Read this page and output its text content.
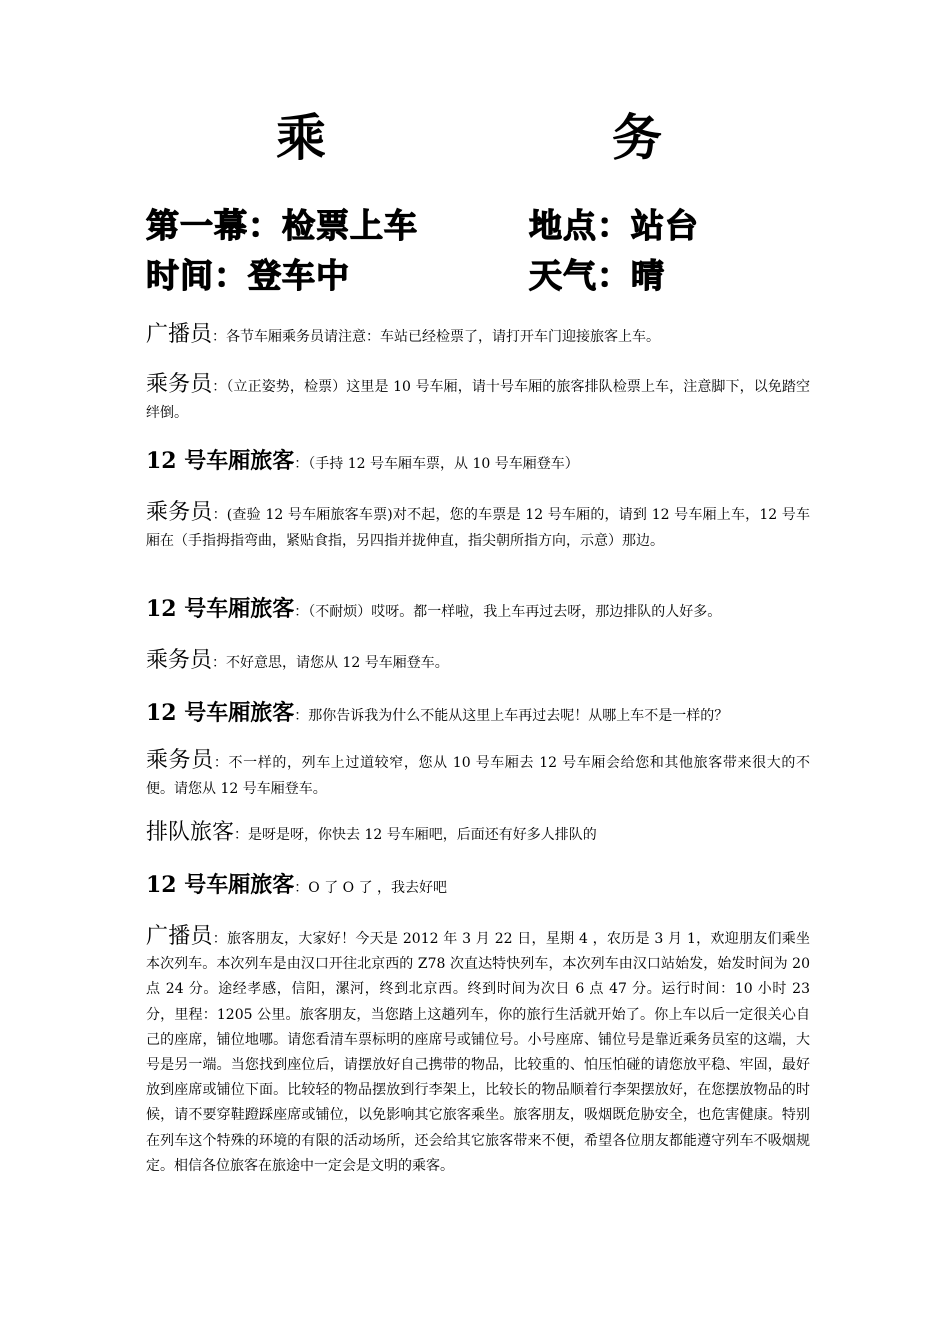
乘	务
第一幕：检票上车	地点：站台
时间：登车中	天气：晴
广播员：各节车厢乘务员请注意：车站已经检票了，请打开车门迎接旅客上车。
乘务员：（立正姿势，检票）这里是 10 号车厢，请十号车厢的旅客排队检票上车，注意脚下，以免踏空绊倒。
12 号车厢旅客：（手持 12 号车厢车票，从 10 号车厢登车）
乘务员：(查验 12 号车厢旅客车票)对不起，您的车票是 12 号车厢的，请到 12 号车厢上车，12 号车厢在（手指拇指弯曲，紧贴食指，另四指并拢伸直，指尖朝所指方向，示意）那边。
12 号车厢旅客：（不耐烦）哎呀。都一样啦，我上车再过去呀，那边排队的人好多。
乘务员：不好意思，请您从 12 号车厢登车。
12 号车厢旅客：那你告诉我为什么不能从这里上车再过去呢！从哪上车不是一样的？
乘务员：不一样的，列车上过道较窄，您从 10 号车厢去 12 号车厢会给您和其他旅客带来很大的不便。请您从 12 号车厢登车。
排队旅客：是呀是呀，你快去 12 号车厢吧，后面还有好多人排队的
12 号车厢旅客：O 了 O 了 ，我去好吧
广播员：旅客朋友，大家好！今天是 2012 年 3 月 22 日，星期 4 ，农历是 3 月 1，欢迎朋友们乘坐本次列车。本次列车是由汉口开往北京西的 Z78 次直达特快列车，本次列车由汉口站始发，始发时间为 20 点 24 分。途经孝感，信阳，漯河，终到北京西。终到时间为次日 6 点 47 分。运行时间：10 小时 23 分，里程：1205 公里。旅客朋友，当您踏上这趟列车，你的旅行生活就开始了。你上车以后一定很关心自己的座席，铺位地哪。请您看清车票标明的座席号或铺位号。小号座席、铺位号是靠近乘务员室的这端，大号是另一端。当您找到座位后，请摆放好自己携带的物品，比较重的、怕压怕碰的请您放平稳、牢固，最好放到座席或铺位下面。比较轻的物品摆放到行李架上，比较长的物品顺着行李架摆放好，在您摆放物品的时候，请不要穿鞋蹬踩座席或铺位，以免影响其它旅客乘坐。旅客朋友，吸烟既危胁安全，也危害健康。特别在列车这个特殊的环境的有限的活动场所，还会给其它旅客带来不便，希望各位朋友都能遵守列车不吸烟规定。相信各位旅客在旅途中一定会是文明的乘客。
